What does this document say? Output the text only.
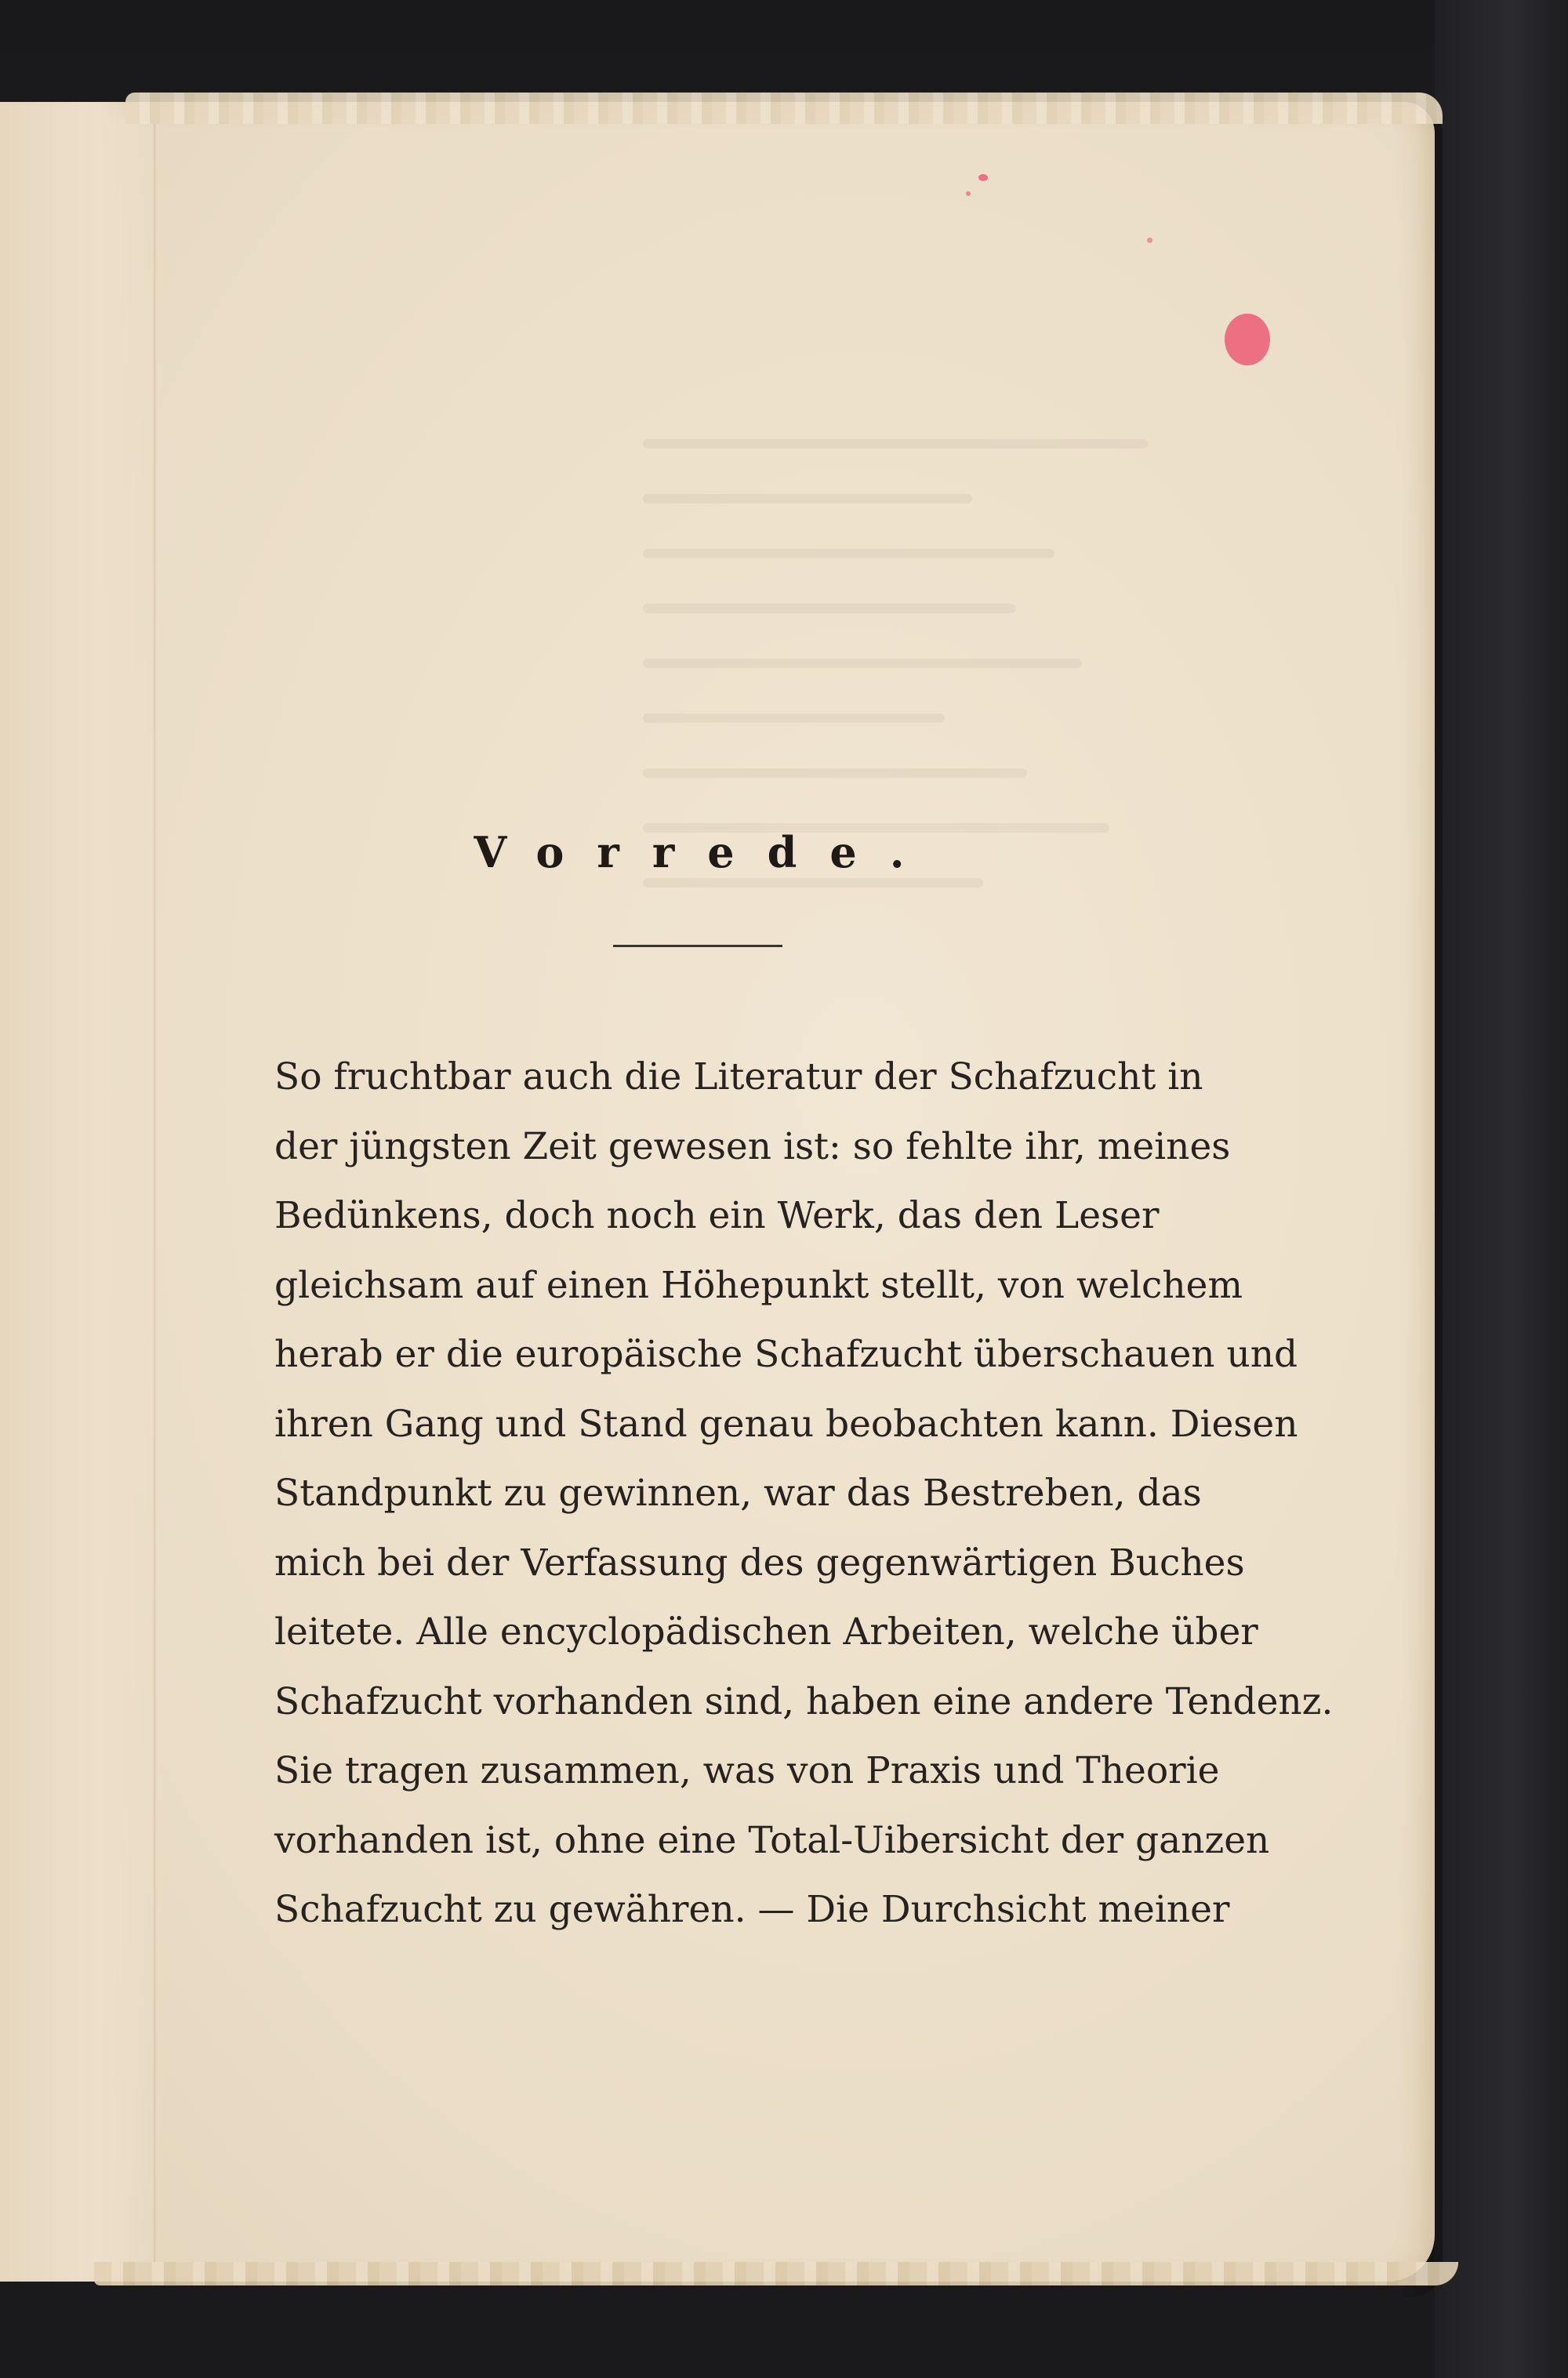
Vorrede.
So fruchtbar auch die Literatur der Schafzucht in
der jüngsten Zeit gewesen ist: so fehlte ihr, meines
Bedünkens, doch noch ein Werk, das den Leser
gleichsam auf einen Höhepunkt stellt, von welchem
herab er die europäische Schafzucht überschauen und
ihren Gang und Stand genau beobachten kann. Diesen
Standpunkt zu gewinnen, war das Bestreben, das
mich bei der Verfassung des gegenwärtigen Buches
leitete. Alle encyclopädischen Arbeiten, welche über
Schafzucht vorhanden sind, haben eine andere Tendenz.
Sie tragen zusammen, was von Praxis und Theorie
vorhanden ist, ohne eine Total-Uibersicht der ganzen
Schafzucht zu gewähren. — Die Durchsicht meiner
